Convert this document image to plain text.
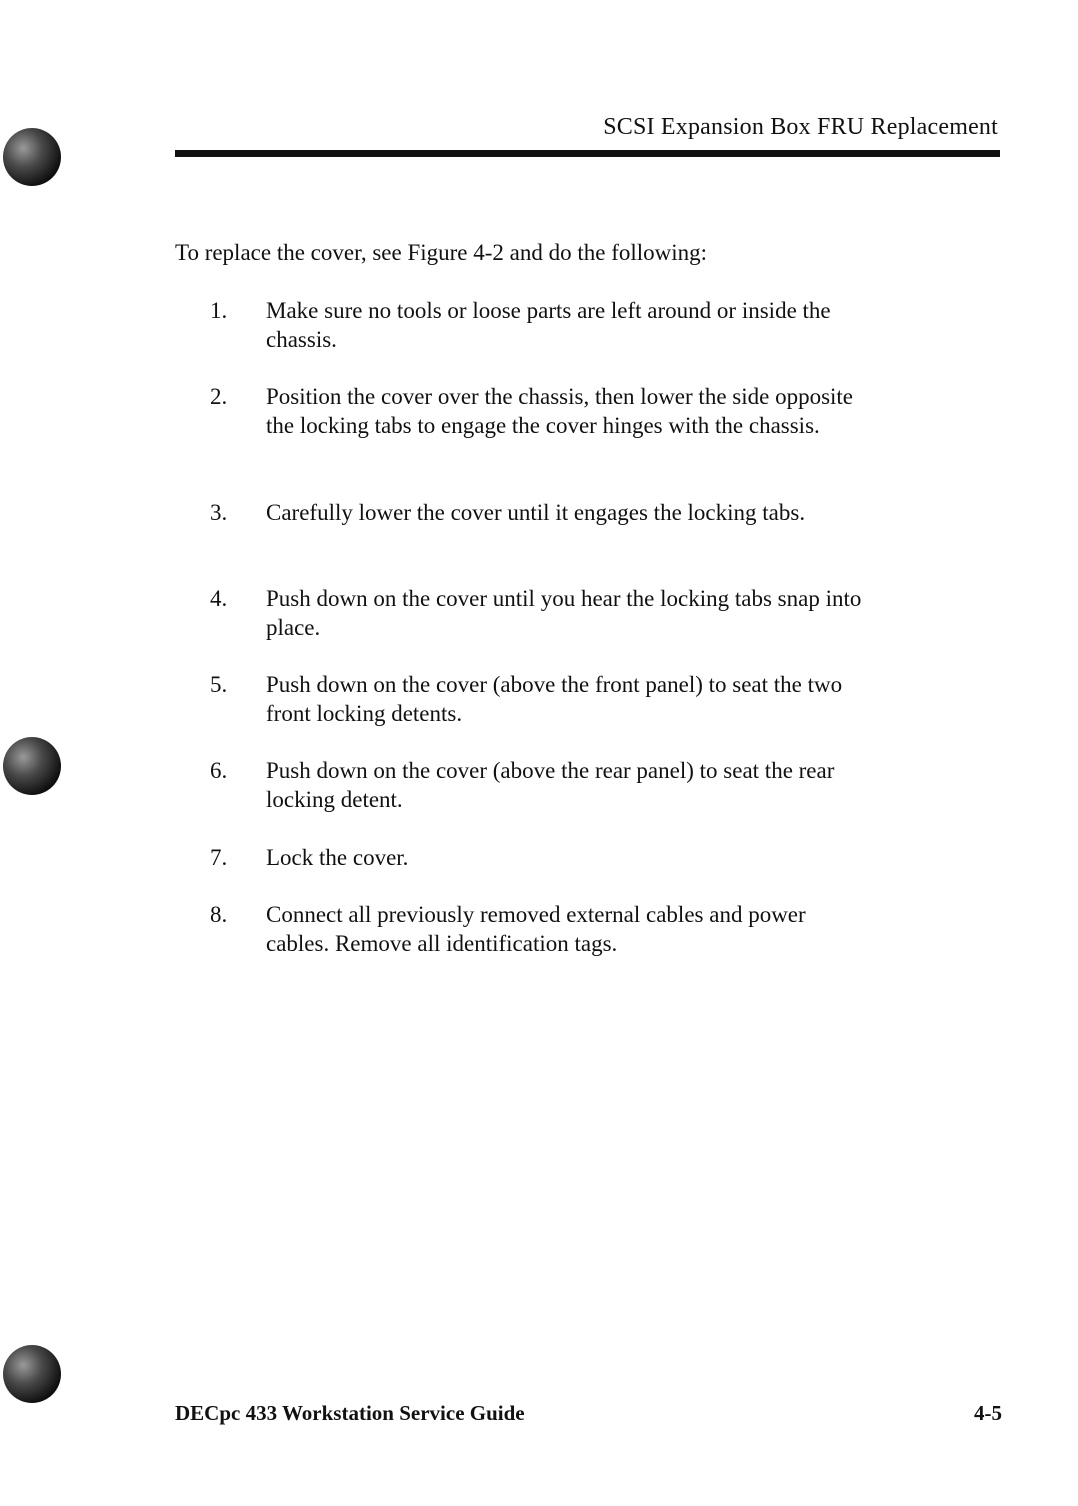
SCSI Expansion Box FRU Replacement
To replace the cover, see Figure 4-2 and do the following:
1.	Make sure no tools or loose parts are left around or inside the chassis.
2.	Position the cover over the chassis, then lower the side opposite the locking tabs to engage the cover hinges with the chassis.
3.	Carefully lower the cover until it engages the locking tabs.
4.	Push down on the cover until you hear the locking tabs snap into place.
5.	Push down on the cover (above the front panel) to seat the two front locking detents.
6.	Push down on the cover (above the rear panel) to seat the rear locking detent.
7.	Lock the cover.
8.	Connect all previously removed external cables and power cables. Remove all identification tags.
DECpc 433 Workstation Service Guide	4-5
